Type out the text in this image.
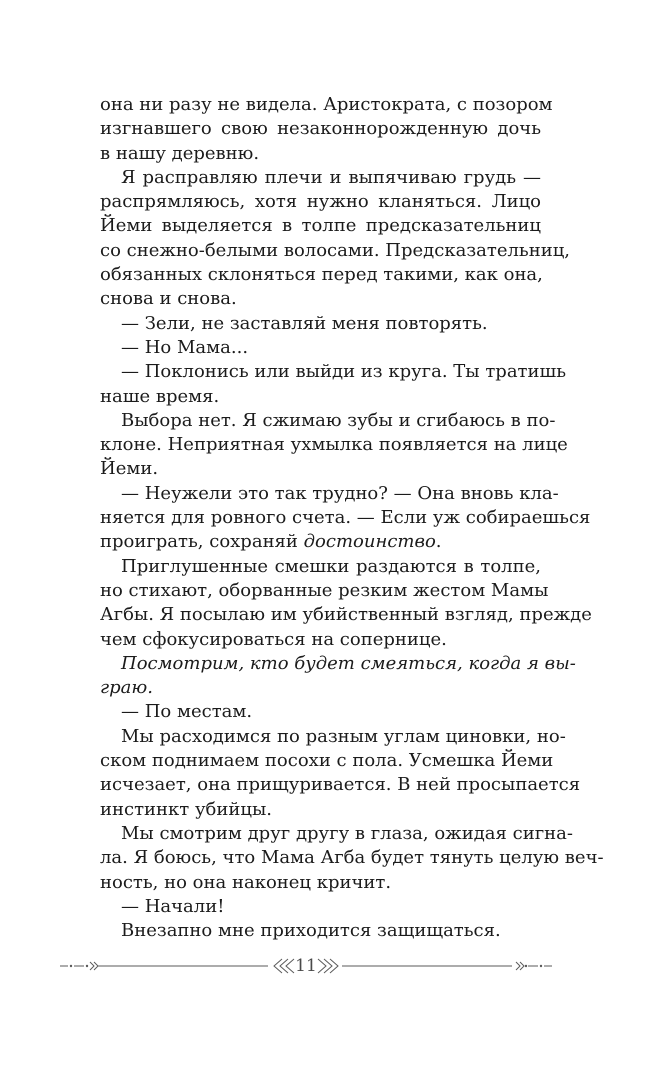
она ни разу не видела. Аристократа, с позором
изгнавшего свою незаконнорожденную дочь
в нашу деревню.

Я расправляю плечи и выпячиваю грудь —
распрямляюсь, хотя нужно кланяться. Лицо
Йеми выделяется в толпе предсказательниц
со снежно-белыми волосами. Предсказательниц,
обязанных склоняться перед такими, как она,
снова и снова.

— Зели, не заставляй меня повторять.

— Но Мама...

— Поклонись или выйди из круга. Ты тратишь
наше время.

Выбора нет. Я сжимаю зубы и сгибаюсь в по-
клоне. Неприятная ухмылка появляется на лице
Йеми.

— Неужели это так трудно? — Она вновь кла-
няется для ровного счета. — Если уж собираешься
проиграть, сохраняй достоинство.

Приглушенные смешки раздаются в толпе,
но стихают, оборванные резким жестом Мамы
Агбы. Я посылаю им убийственный взгляд, прежде
чем сфокусироваться на сопернице.

Посмотрим, кто будет смеяться, когда я вы-
граю.

— По местам.

Мы расходимся по разным углам циновки, но-
ском поднимаем посохи с пола. Усмешка Йеми
исчезает, она прищуривается. В ней просыпается
инстинкт убийцы.

Мы смотрим друг другу в глаза, ожидая сигна-
ла. Я боюсь, что Мама Агба будет тянуть целую веч-
ность, но она наконец кричит.

— Начали!

Внезапно мне приходится защищаться.

11
